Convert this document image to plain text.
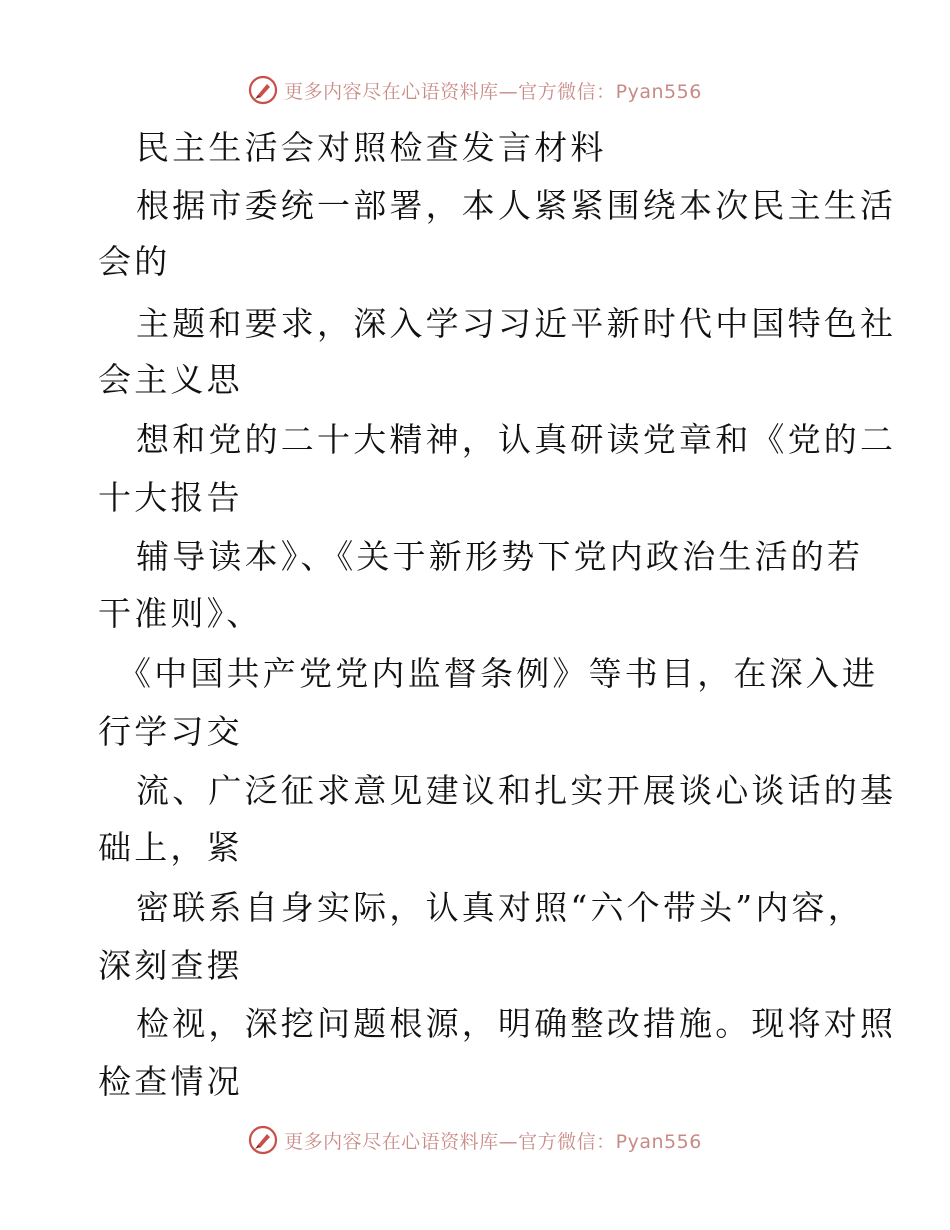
更多内容尽在心语资料库—官方微信：Pyan556
民主生活会对照检查发言材料
根据市委统一部署，本人紧紧围绕本次民主生活
会的
主题和要求，深入学习习近平新时代中国特色社
会主义思
想和党的二十大精神，认真研读党章和《党的二
十大报告
辅导读本》、《关于新形势下党内政治生活的若
干准则》、
《中国共产党党内监督条例》等书目，在深入进
行学习交
流、广泛征求意见建议和扎实开展谈心谈话的基
础上，紧
密联系自身实际，认真对照“六个带头”内容，
深刻查摆
检视，深挖问题根源，明确整改措施。现将对照
检查情况
更多内容尽在心语资料库—官方微信：Pyan556
